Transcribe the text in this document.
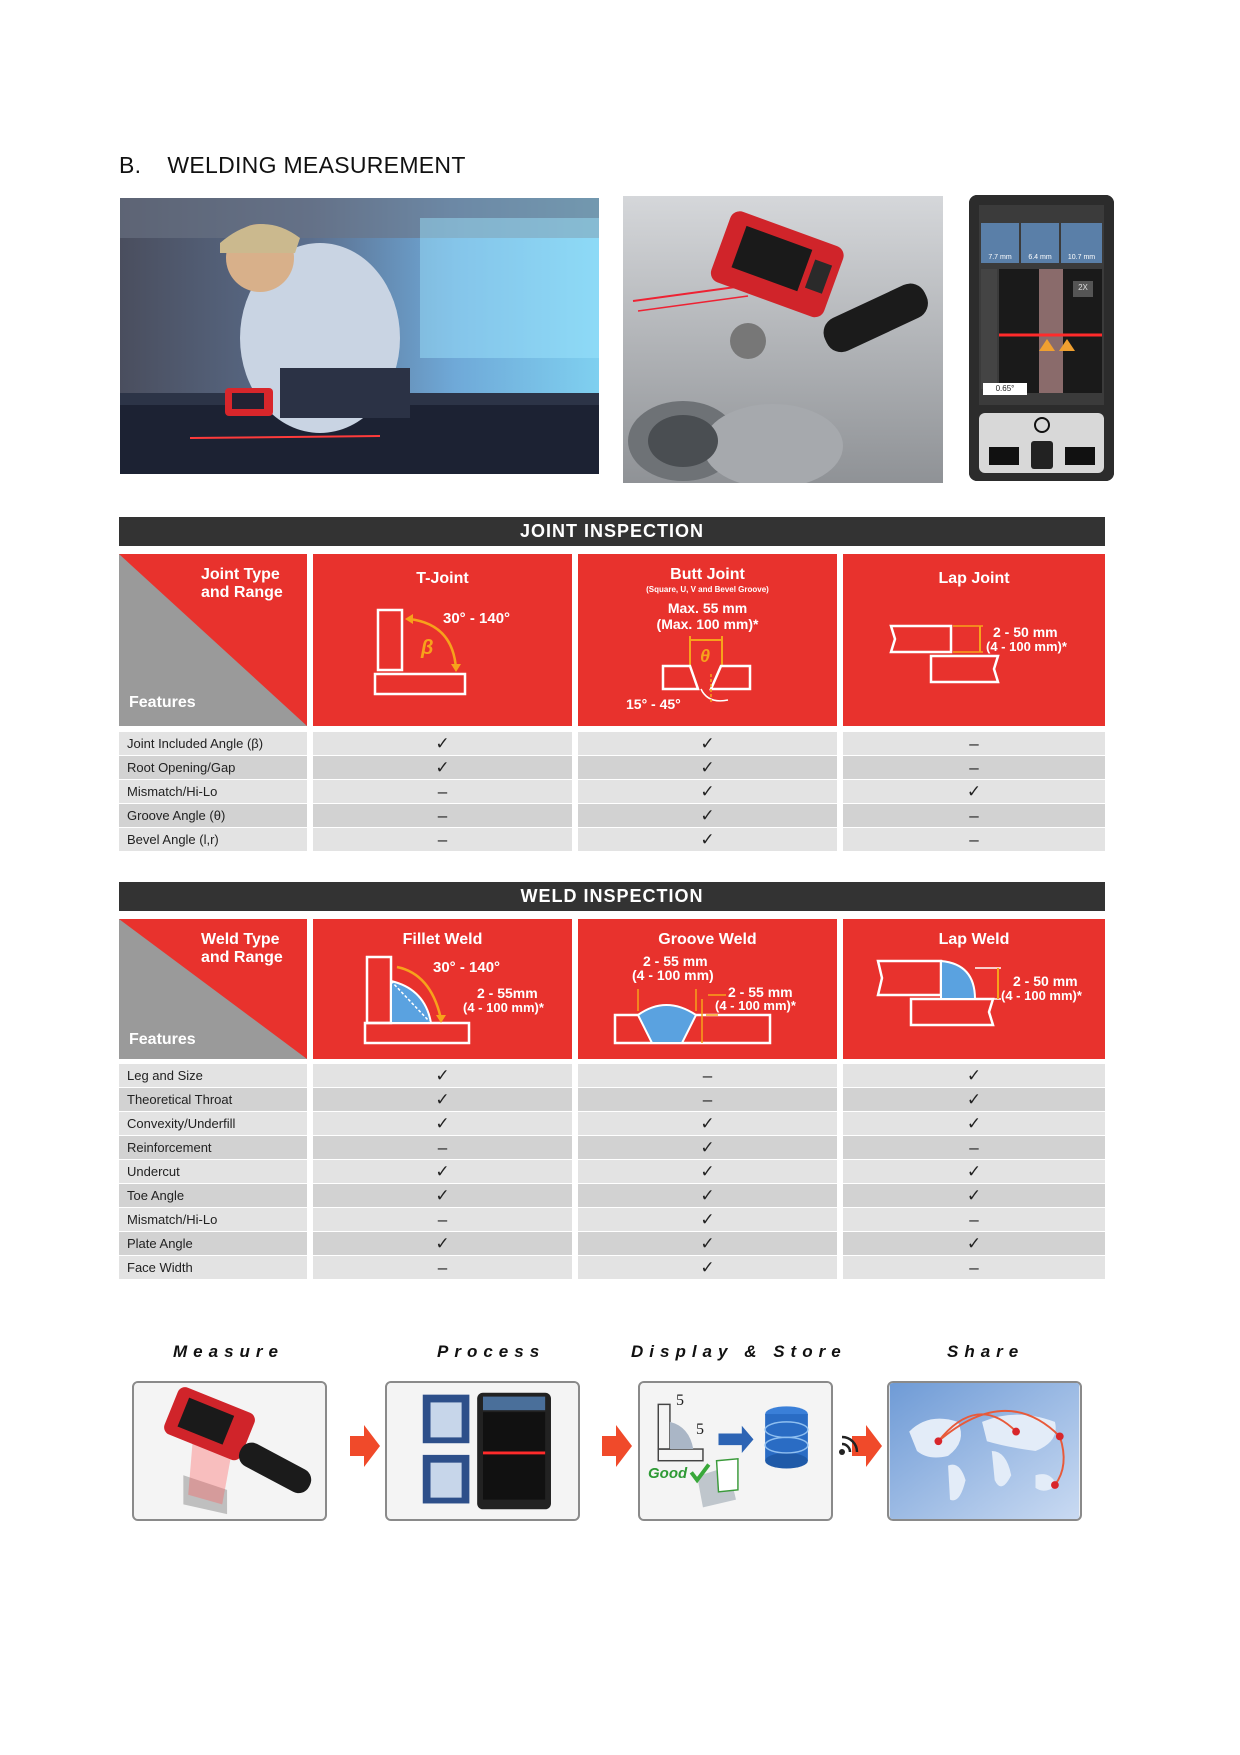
B. WELDING MEASUREMENT
7.7 mm	6.4 mm	10.7 mm
2X
0.65°
JOINT INSPECTION
Joint Type and Range
Features
T-Joint
30° - 140°
β
Butt Joint
(Square, U, V and Bevel Groove)
Max. 55 mm
(Max. 100 mm)*
θ
15° - 45°
Lap Joint
2 - 50 mm
(4 - 100 mm)*
Joint Included Angle (β)	✓	✓	–
Root Opening/Gap	✓	✓	–
Mismatch/Hi-Lo	–	✓	✓
Groove Angle (θ)	–	✓	–
Bevel Angle (l,r)	–	✓	–
WELD INSPECTION
Weld Type and Range
Features
Fillet Weld
30° - 140°
2 - 55mm
(4 - 100 mm)*
Groove Weld
2 - 55 mm
(4 - 100 mm)
2 - 55 mm
(4 - 100 mm)*
Lap Weld
2 - 50 mm
(4 - 100 mm)*
Leg and Size	✓	–	✓
Theoretical Throat	✓	–	✓
Convexity/Underfill	✓	✓	✓
Reinforcement	–	✓	–
Undercut	✓	✓	✓
Toe Angle	✓	✓	✓
Mismatch/Hi-Lo	–	✓	–
Plate Angle	✓	✓	✓
Face Width	–	✓	–
Measure	Process	Display & Store	Share
5
5
Good
